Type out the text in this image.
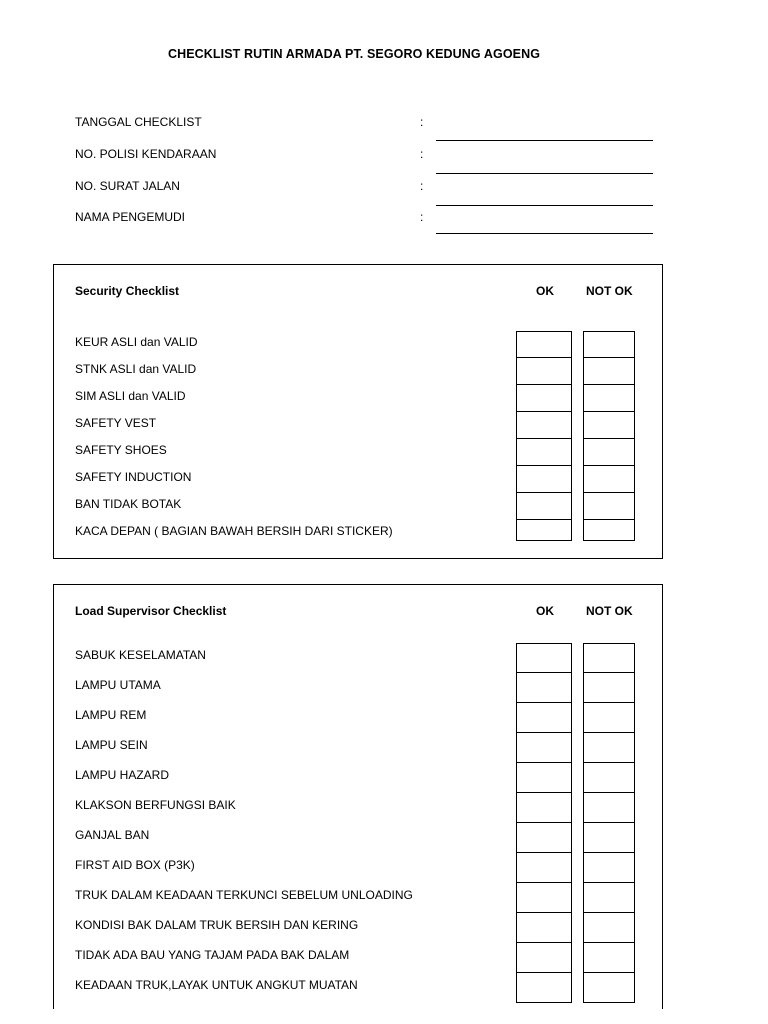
CHECKLIST RUTIN ARMADA PT. SEGORO KEDUNG AGOENG
TANGGAL CHECKLIST	:
NO. POLISI KENDARAAN	:
NO. SURAT JALAN	:
NAMA PENGEMUDI	:
Security Checklist	OK	NOT OK
KEUR ASLI dan VALID
STNK ASLI dan VALID
SIM ASLI dan VALID
SAFETY VEST
SAFETY SHOES
SAFETY INDUCTION
BAN TIDAK BOTAK
KACA DEPAN ( BAGIAN BAWAH BERSIH DARI STICKER)
Load Supervisor Checklist	OK	NOT OK
SABUK KESELAMATAN
LAMPU UTAMA
LAMPU REM
LAMPU SEIN
LAMPU HAZARD
KLAKSON BERFUNGSI BAIK
GANJAL BAN
FIRST AID BOX (P3K)
TRUK DALAM KEADAAN TERKUNCI SEBELUM UNLOADING
KONDISI BAK DALAM TRUK BERSIH DAN KERING
TIDAK ADA BAU YANG TAJAM PADA BAK DALAM
KEADAAN TRUK,LAYAK UNTUK ANGKUT MUATAN
